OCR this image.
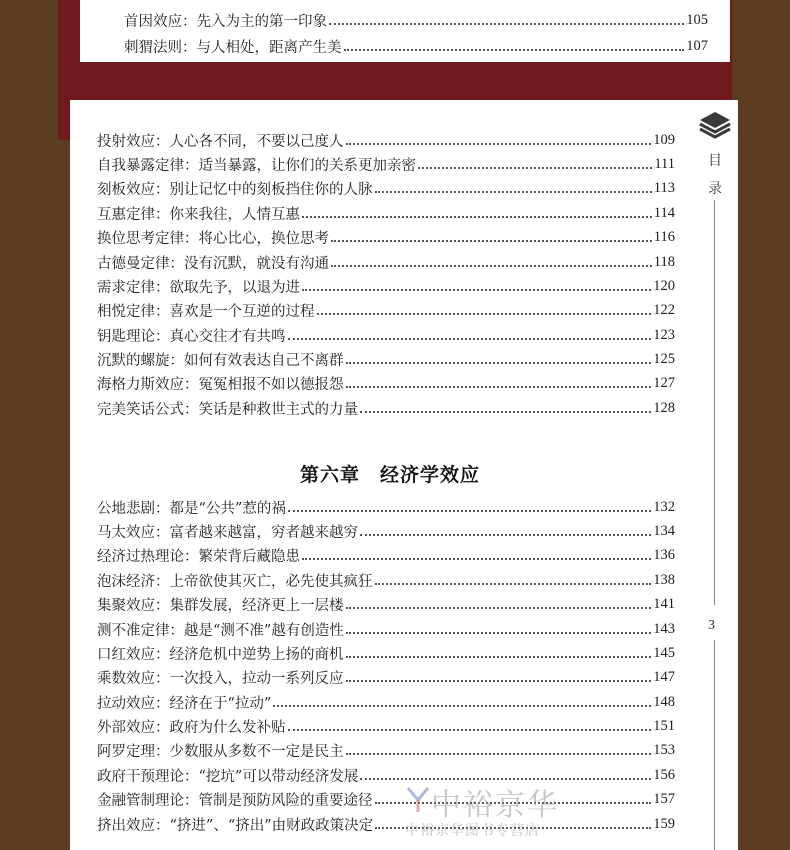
首因效应：先入为主的第一印象	105
刺猬法则：与人相处，距离产生美	107
投射效应：人心各不同，不要以己度人	109
自我暴露定律：适当暴露，让你们的关系更加亲密	111
刻板效应：别让记忆中的刻板挡住你的人脉	113
互惠定律：你来我往，人情互惠	114
换位思考定律：将心比心，换位思考	116
古德曼定律：没有沉默，就没有沟通	118
需求定律：欲取先予，以退为进	120
相悦定律：喜欢是一个互逆的过程	122
钥匙理论：真心交往才有共鸣	123
沉默的螺旋：如何有效表达自己不离群	125
海格力斯效应：冤冤相报不如以德报怨	127
完美笑话公式：笑话是种救世主式的力量	128
第六章　经济学效应
公地悲剧：都是“公共”惹的祸	132
马太效应：富者越来越富，穷者越来越穷	134
经济过热理论：繁荣背后藏隐患	136
泡沫经济：上帝欲使其灭亡，必先使其疯狂	138
集聚效应：集群发展，经济更上一层楼	141
测不准定律：越是“测不准”越有创造性	143
口红效应：经济危机中逆势上扬的商机	145
乘数效应：一次投入，拉动一系列反应	147
拉动效应：经济在于“拉动”	148
外部效应：政府为什么发补贴	151
阿罗定理：少数服从多数不一定是民主	153
政府干预理论：“挖坑”可以带动经济发展	156
金融管制理论：管制是预防风险的重要途径	157
挤出效应：“挤进”、“挤出”由财政政策决定	159
目
录
3
中裕京华
中裕京华图书专营店
